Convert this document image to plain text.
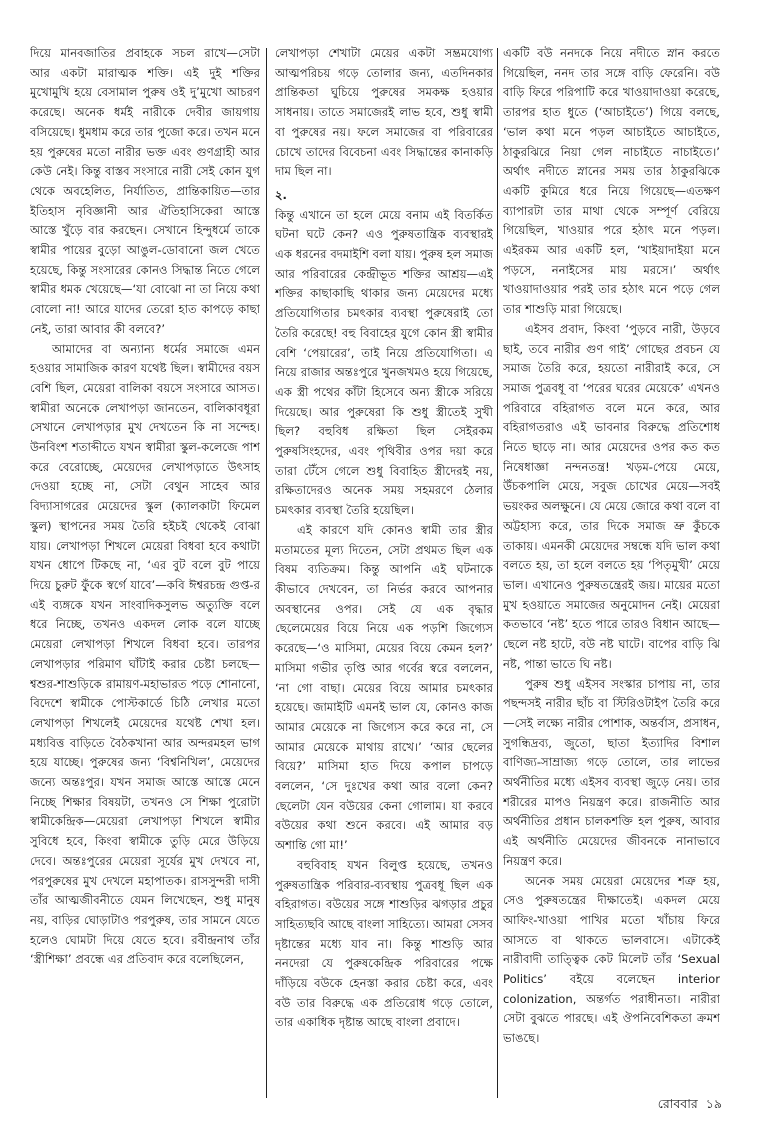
দিয়ে মানবজাতির প্রবাহকে সচল রাখে—সেটা আর একটা মারাত্মক শক্তি। এই দুই শক্তির মুখোমুখি হয়ে বেসামাল পুরুষ ওই দু’মুখো আচরণ করেছে। অনেক ধর্মই নারীকে দেবীর জায়গায় বসিয়েছে। ধুমধাম করে তার পুজো করে। তখন মনে হয় পুরুষের মতো নারীর ভক্ত এবং গুণগ্রাহী আর কেউ নেই। কিন্তু বাস্তব সংসারে নারী সেই কোন যুগ থেকে অবহেলিত, নির্যাতিত, প্রান্তিকায়িত—তার ইতিহাস নৃবিজ্ঞানী আর ঐতিহাসিকেরা আস্তে আস্তে খুঁড়ে বার করছেন। সেখানে হিন্দুধর্মে তাকে স্বামীর পায়ের বুড়ো আঙুল-ডোবানো জল খেতে হয়েছে, কিন্তু সংসারের কোনও সিদ্ধান্ত নিতে গেলে স্বামীর ধমক খেয়েছে—‘যা বোঝো না তা নিয়ে কথা বোলো না! আরে যাদের তেরো হাত কাপড়ে কাছা নেই, তারা আবার কী বলবে?’

আমাদের বা অন্যান্য ধর্মের সমাজে এমন হওয়ার সামাজিক কারণ যথেষ্ট ছিল। স্বামীদের বয়স বেশি ছিল, মেয়েরা বালিকা বয়সে সংসারে আসত। স্বামীরা অনেকে লেখাপড়া জানতেন, বালিকাবধূরা সেখানে লেখাপড়ার মুখ দেখতেন কি না সন্দেহ। উনবিংশ শতাব্দীতে যখন স্বামীরা স্কুল-কলেজে পাশ করে বেরোচ্ছে, মেয়েদের লেখাপড়াতে উৎসাহ দেওয়া হচ্ছে না, সেটা বেথুন সাহেব আর বিদ্যাসাগরের মেয়েদের স্কুল (ক্যালকাটা ফিমেল স্কুল) স্থাপনের সময় তৈরি হইচই থেকেই বোঝা যায়। লেখাপড়া শিখলে মেয়েরা বিধবা হবে কথাটা যখন ধোপে টিকছে না, ‘এর বুট বলে বুট পায়ে দিয়ে চুরুট ফুঁকে স্বর্গে যাবে’—কবি ঈশ্বরচন্দ্র গুপ্ত-র এই ব্যঙ্গকে যখন সাংবাদিকসুলভ অত্যুক্তি বলে ধরে নিচ্ছে, তখনও একদল লোক বলে যাচ্ছে মেয়েরা লেখাপড়া শিখলে বিধবা হবে। তারপর লেখাপড়ার পরিমাণ ঘাঁটাই করার চেষ্টা চলছে—শ্বশুর-শাশুড়িকে রামায়ণ-মহাভারত পড়ে শোনানো, বিদেশে স্বামীকে পোস্টকার্ডে চিঠি লেখার মতো লেখাপড়া শিখলেই মেয়েদের যথেষ্ট শেখা হল। মধ্যবিত্ত বাড়িতে বৈঠকখানা আর অন্দরমহল ভাগ হয়ে যাচ্ছে। পুরুষের জন্য ‘বিশ্বনিখিল’, মেয়েদের জন্যে অন্তঃপুর। যখন সমাজ আস্তে আস্তে মেনে নিচ্ছে শিক্ষার বিষয়টা, তখনও সে শিক্ষা পুরোটা স্বামীকেন্দ্রিক—মেয়েরা লেখাপড়া শিখলে স্বামীর সুবিধে হবে, কিংবা স্বামীকে তুড়ি মেরে উড়িয়ে দেবে। অন্তঃপুরের মেয়েরা সূর্যের মুখ দেখবে না, পরপুরুষের মুখ দেখলে মহাপাতক। রাসসুন্দরী দাসী তাঁর আত্মজীবনীতে যেমন লিখেছেন, শুধু মানুষ নয়, বাড়ির ঘোড়াটাও পরপুরুষ, তার সামনে যেতে হলেও ঘোমটা দিয়ে যেতে হবে। রবীন্দ্রনাথ তাঁর ‘স্ত্রীশিক্ষা’ প্রবন্ধে এর প্রতিবাদ করে বলেছিলেন,

লেখাপড়া শেখাটা মেয়ের একটা সম্ভ্রমযোগ্য আত্মপরিচয় গড়ে তোলার জন্য, এতদিনকার প্রান্তিকতা ঘুচিয়ে পুরুষের সমকক্ষ হওয়ার সাধনায়। তাতে সমাজেরই লাভ হবে, শুধু স্বামী বা পুরুষের নয়। ফলে সমাজের বা পরিবারের চোখে তাদের বিবেচনা এবং সিদ্ধান্তের কানাকড়ি দাম ছিল না।

২.

কিন্তু এখানে তা হলে মেয়ে বনাম এই বিতর্কিত ঘটনা ঘটে কেন? এও পুরুষতান্ত্রিক ব্যবস্থারই এক ধরনের বদমাইশি বলা যায়। পুরুষ হল সমাজ আর পরিবারের কেন্দ্রীভূত শক্তির আশ্রয়—এই শক্তির কাছাকাছি থাকার জন্য মেয়েদের মধ্যে প্রতিযোগিতার চমৎকার ব্যবস্থা পুরুষেরাই তো তৈরি করেছে! বহু বিবাহের যুগে কোন স্ত্রী স্বামীর বেশি ‘পেয়ারের’, তাই নিয়ে প্রতিযোগিতা। এ নিয়ে রাজার অন্তঃপুরে খুনজখমও হয়ে গিয়েছে, এক স্ত্রী পথের কাঁটা হিসেবে অন্য স্ত্রীকে সরিয়ে দিয়েছে। আর পুরুষেরা কি শুধু স্ত্রীতেই সুখী ছিল? বহুবিধ রক্ষিতা ছিল সেইরকম পুরুষসিংহদের, এবং পৃথিবীর ওপর দয়া করে তারা টেঁসে গেলে শুধু বিবাহিত স্ত্রীদেরই নয়, রক্ষিতাদেরও অনেক সময় সহমরণে ঠেলার চমৎকার ব্যবস্থা তৈরি হয়েছিল।

এই কারণে যদি কোনও স্বামী তার স্ত্রীর মতামতের মূল্য দিতেন, সেটা প্রথমত ছিল এক বিষম ব্যতিক্রম। কিন্তু আপনি এই ঘটনাকে কীভাবে দেখবেন, তা নির্ভর করবে আপনার অবস্থানের ওপর। সেই যে এক বৃদ্ধার ছেলেমেয়ের বিয়ে নিয়ে এক পড়শি জিগ্যেস করেছে—‘ও মাসিমা, মেয়ের বিয়ে কেমন হল?’ মাসিমা গভীর তৃপ্তি আর গর্বের স্বরে বললেন, ‘না গো বাছা। মেয়ের বিয়ে আমার চমৎকার হয়েছে। জামাইটি এমনই ভাল যে, কোনও কাজ আমার মেয়েকে না জিগ্যেস করে করে না, সে আমার মেয়েকে মাথায় রাখে।’ ‘আর ছেলের বিয়ে?’ মাসিমা হাত দিয়ে কপাল চাপড়ে বললেন, ‘সে দুঃখের কথা আর বলো কেন? ছেলেটা যেন বউয়ের কেনা গোলাম। যা করবে বউয়ের কথা শুনে করবে। এই আমার বড় অশান্তি গো মা!’

বহুবিবাহ যখন বিলুপ্ত হয়েছে, তখনও পুরুষতান্ত্রিক পরিবার-ব্যবস্থায় পুত্রবধূ ছিল এক বহিরাগত। বউয়ের সঙ্গে শাশুড়ির ঝগড়ার প্রচুর সাহিত্যছবি আছে বাংলা সাহিত্যে। আমরা সেসব দৃষ্টান্তের মধ্যে যাব না। কিন্তু শাশুড়ি আর ননদেরা যে পুরুষকেন্দ্রিক পরিবারের পক্ষে দাঁড়িয়ে বউকে হেনস্তা করার চেষ্টা করে, এবং বউ তার বিরুদ্ধে এক প্রতিরোধ গড়ে তোলে, তার একাধিক দৃষ্টান্ত আছে বাংলা প্রবাদে।

একটি বউ ননদকে নিয়ে নদীতে স্নান করতে গিয়েছিল, ননদ তার সঙ্গে বাড়ি ফেরেনি। বউ বাড়ি ফিরে পরিপাটি করে খাওয়াদাওয়া করেছে, তারপর হাত ধুতে (‘আচাইতে’) গিয়ে বলছে, ‘ভাল কথা মনে পড়ল আচাইতে আচাইতে, ঠাকুরঝিরে নিয়া গেল নাচাইতে নাচাইতে।’ অর্থাৎ নদীতে স্নানের সময় তার ঠাকুরঝিকে একটি কুমিরে ধরে নিয়ে গিয়েছে—এতক্ষণ ব্যাপারটা তার মাথা থেকে সম্পূর্ণ বেরিয়ে গিয়েছিল, খাওয়ার পরে হঠাৎ মনে পড়ল। এইরকম আর একটি হল, ‘খাইয়াদাইয়া মনে পড়সে, ননাইসের মায় মরসে।’ অর্থাৎ খাওয়াদাওয়ার পরই তার হঠাৎ মনে পড়ে গেল তার শাশুড়ি মারা গিয়েছে।

এইসব প্রবাদ, কিংবা ‘পুড়বে নারী, উড়বে ছাই, তবে নারীর গুণ গাই’ গোছের প্রবচন যে সমাজ তৈরি করে, হয়তো নারীরাই করে, সে সমাজ পুত্রবধূ বা ‘পরের ঘরের মেয়েকে’ এখনও পরিবারে বহিরাগত বলে মনে করে, আর বহিরাগতরাও এই ভাবনার বিরুদ্ধে প্রতিশোধ নিতে ছাড়ে না। আর মেয়েদের ওপর কত কত নিষেধাজ্ঞা নন্দনতন্ত্র! খড়ম-পেয়ে মেয়ে, উঁচকপালি মেয়ে, সবুজ চোখের মেয়ে—সবই ভয়ংকর অলক্ষুনে। যে মেয়ে জোরে কথা বলে বা অট্টহাস্য করে, তার দিকে সমাজ ভ্রু কুঁচকে তাকায়। এমনকী মেয়েদের সম্বন্ধে যদি ভাল কথা বলতে হয়, তা হলে বলতে হয় ‘পিতৃমুখী’ মেয়ে ভাল। এখানেও পুরুষতন্ত্রেরই জয়। মায়ের মতো মুখ হওয়াতে সমাজের অনুমোদন নেই। মেয়েরা কতভাবে ‘নষ্ট’ হতে পারে তারও বিধান আছে—ছেলে নষ্ট হাটে, বউ নষ্ট ঘাটে। বাপের বাড়ি ঝি নষ্ট, পান্তা ভাতে ঘি নষ্ট।

পুরুষ শুধু এইসব সংস্কার চাপায় না, তার পছন্দসই নারীর ছাঁচ বা স্টিরিওটাইপ তৈরি করে—সেই লক্ষ্যে নারীর পোশাক, অন্তর্বাস, প্রসাধন, সুগন্ধিদ্রব্য, জুতো, ছাতা ইত্যাদির বিশাল বাণিজ্য-সাম্রাজ্য গড়ে তোলে, তার লাভের অর্থনীতির মধ্যে এইসব ব্যবস্থা জুড়ে নেয়। তার শরীরের মাপও নিয়ন্ত্রণ করে। রাজনীতি আর অর্থনীতির প্রধান চালকশক্তি হল পুরুষ, আবার এই অর্থনীতি মেয়েদের জীবনকে নানাভাবে নিয়ন্ত্রণ করে।

অনেক সময় মেয়েরা মেয়েদের শত্রু হয়, সেও পুরুষতন্ত্রের দীক্ষাতেই। একদল মেয়ে আফিং-খাওয়া পাখির মতো খাঁচায় ফিরে আসতে বা থাকতে ভালবাসে। এটাকেই নারীবাদী তাত্ত্বিক কেট মিলেট তাঁর ‘Sexual Politics’ বইয়ে বলেছেন interior colonization, অন্তর্গত পরাধীনতা। নারীরা সেটা বুঝতে পারছে। এই ঔপনিবেশিকতা ক্রমশ ভাঙছে।

রোববার ১৯
